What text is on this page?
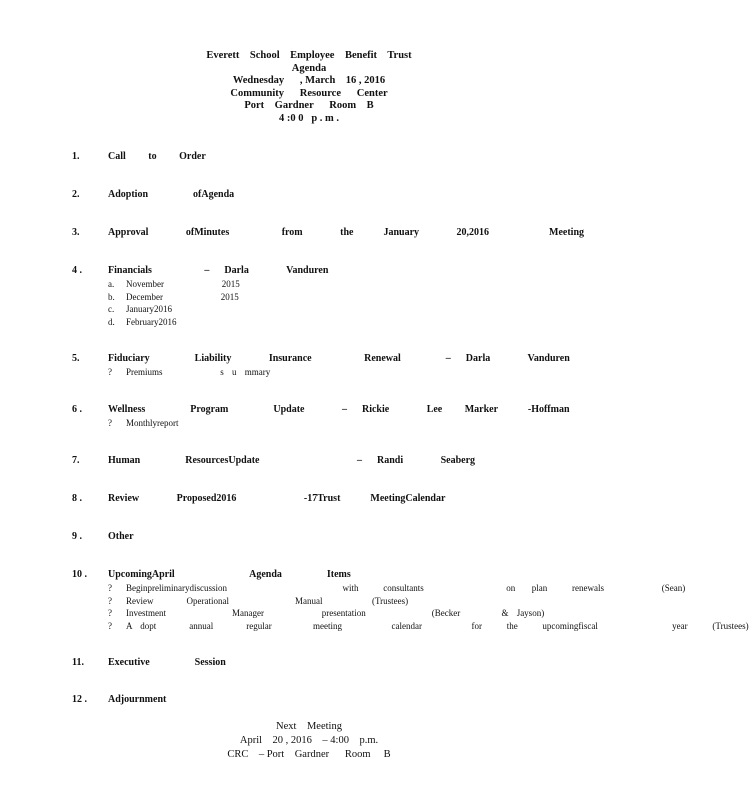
Everett    School    Employee    Benefit    Trust
Agenda
Wednesday      , March    16 , 2016
Community      Resource      Center
Port    Gardner      Room    B
4 :0 0   p . m .
1.	Call   to   Order
2.	Adoption      ofAgenda
3.	Approval     ofMinutes       from     the    January     20,2016        Meeting
4 .	Financials       –  Darla     Vanduren
a. November       2015
b. December       2015
c. January2016
d. February2016
5.	Fiduciary      Liability     Insurance       Renewal      –  Darla     Vanduren
? Premiums       s u mmary
6 .	Wellness      Program      Update     –  Rickie     Lee   Marker    -Hoffman
? Monthlyreport
7.	Human      ResourcesUpdate             –  Randi     Seaberg
8 .	Review     Proposed2016         -17Trust    MeetingCalendar
9 .	Other
10 . UpcomingApril          Agenda      Items
? Beginpreliminarydiscussion              with   consultants          on  plan   renewals       (Sean)
? Review    Operational        Manual      (Trustees)
? Investment        Manager       presentation        (Becker     & Jayson)
? A dopt    annual    regular     meeting      calendar      for   the   upcomingfiscal         year   (Trustees)
11. Executive      Session
12 . Adjournment
Next    Meeting
April    20 , 2016    – 4:00    p.m.
CRC    – Port    Gardner      Room     B
